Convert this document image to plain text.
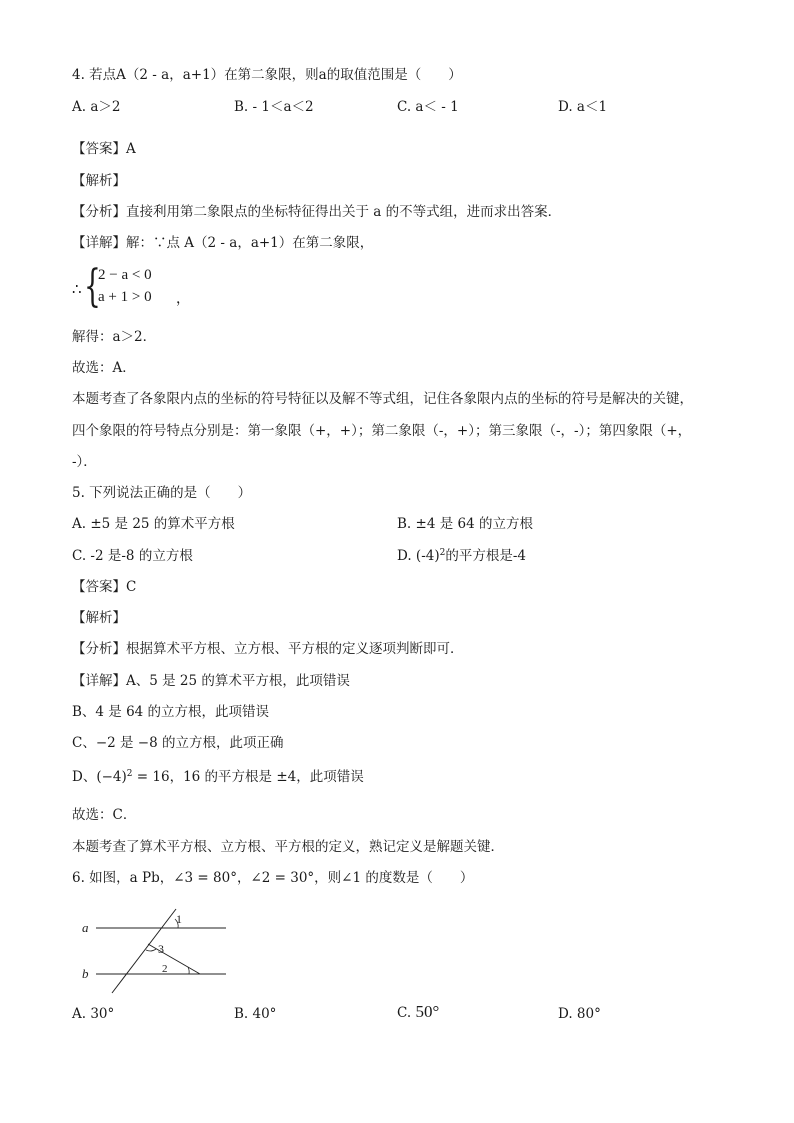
4. 若点A（2 - a，a+1）在第二象限，则a的取值范围是（　　）
A. a＞2	B. - 1＜a＜2	C. a＜ - 1	D. a＜1
【答案】A
【解析】
【分析】直接利用第二象限点的坐标特征得出关于 a 的不等式组，进而求出答案．
【详解】解：∵点 A（2 - a，a+1）在第二象限，
∴ {
2 − a < 0
a + 1 > 0 ，
解得：a＞2．
故选：A．
本题考查了各象限内点的坐标的符号特征以及解不等式组，记住各象限内点的坐标的符号是解决的关键，
四个象限的符号特点分别是：第一象限（+，+）；第二象限（-，+）；第三象限（-，-）；第四象限（+，
-）．
5. 下列说法正确的是（　　）
A. ±5 是 25 的算术平方根	B. ±4 是 64 的立方根
C. -2 是-8 的立方根	D. $(-4)^2$的平方根是-4
【答案】C
【解析】
【分析】根据算术平方根、立方根、平方根的定义逐项判断即可．
【详解】A、5 是 25 的算术平方根，此项错误
B、4 是 64 的立方根，此项错误
C、−2 是 −8 的立方根，此项正确
D、$(-4)^2 = 16$，16 的平方根是 ±4，此项错误
故选：C．
本题考查了算术平方根、立方根、平方根的定义，熟记定义是解题关键．
6. 如图，a Pb，∠3 = 80°，∠2 = 30°，则∠1 的度数是（　　）
a
b
1
3
2
A. 30°	B. 40°	C. 50°	D. 80°
